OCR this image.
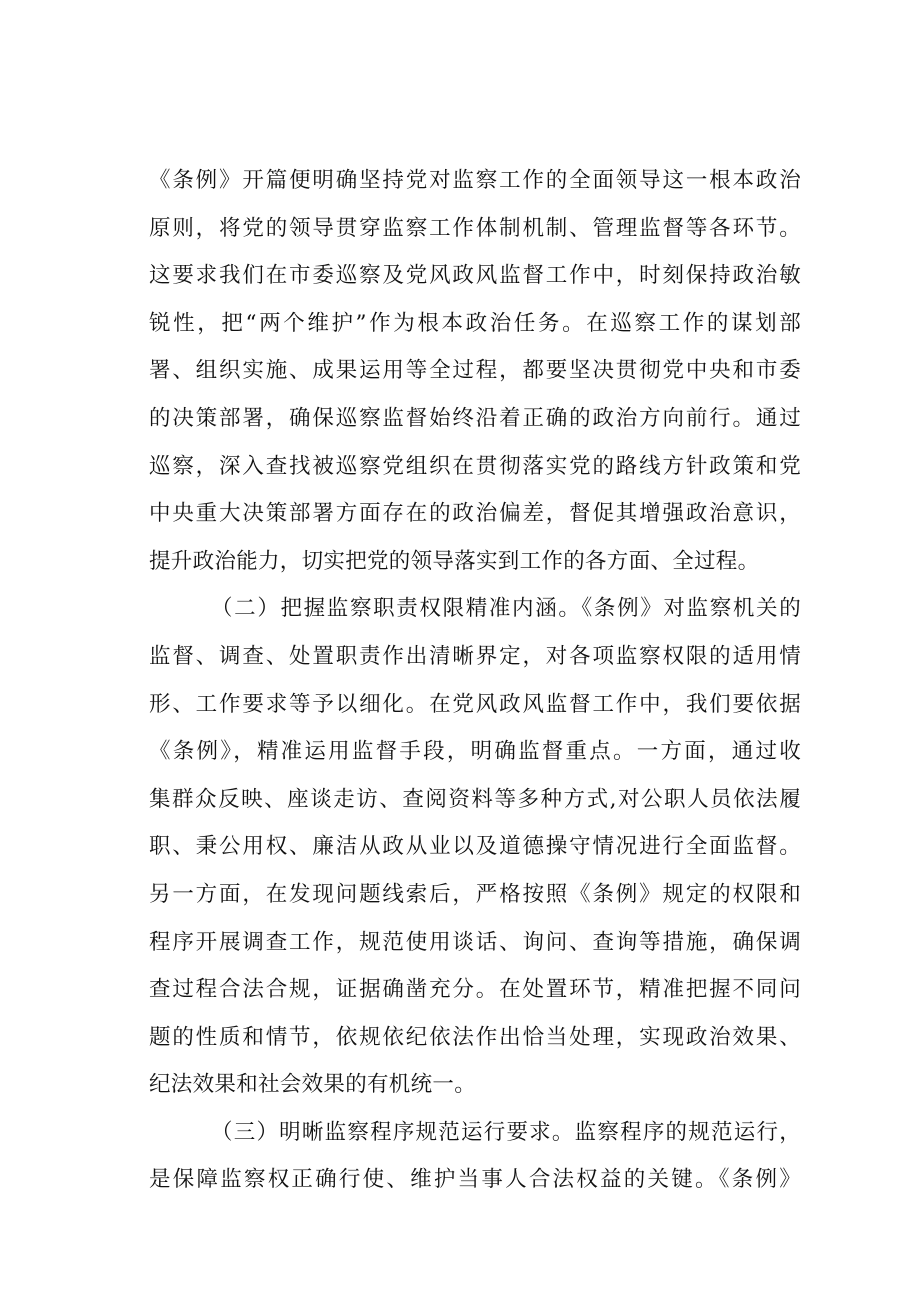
《条例》开篇便明确坚持党对监察工作的全面领导这一根本政治
原则，将党的领导贯穿监察工作体制机制、管理监督等各环节。
这要求我们在市委巡察及党风政风监督工作中，时刻保持政治敏
锐性，把“两个维护”作为根本政治任务。在巡察工作的谋划部
署、组织实施、成果运用等全过程，都要坚决贯彻党中央和市委
的决策部署，确保巡察监督始终沿着正确的政治方向前行。通过
巡察，深入查找被巡察党组织在贯彻落实党的路线方针政策和党
中央重大决策部署方面存在的政治偏差，督促其增强政治意识，
提升政治能力，切实把党的领导落实到工作的各方面、全过程。
（二）把握监察职责权限精准内涵。《条例》对监察机关的
监督、调查、处置职责作出清晰界定，对各项监察权限的适用情
形、工作要求等予以细化。在党风政风监督工作中，我们要依据
《条例》，精准运用监督手段，明确监督重点。一方面，通过收
集群众反映、座谈走访、查阅资料等多种方式,对公职人员依法履
职、秉公用权、廉洁从政从业以及道德操守情况进行全面监督。
另一方面，在发现问题线索后，严格按照《条例》规定的权限和
程序开展调查工作，规范使用谈话、询问、查询等措施，确保调
查过程合法合规，证据确凿充分。在处置环节，精准把握不同问
题的性质和情节，依规依纪依法作出恰当处理，实现政治效果、
纪法效果和社会效果的有机统一。
（三）明晰监察程序规范运行要求。监察程序的规范运行，
是保障监察权正确行使、维护当事人合法权益的关键。《条例》
